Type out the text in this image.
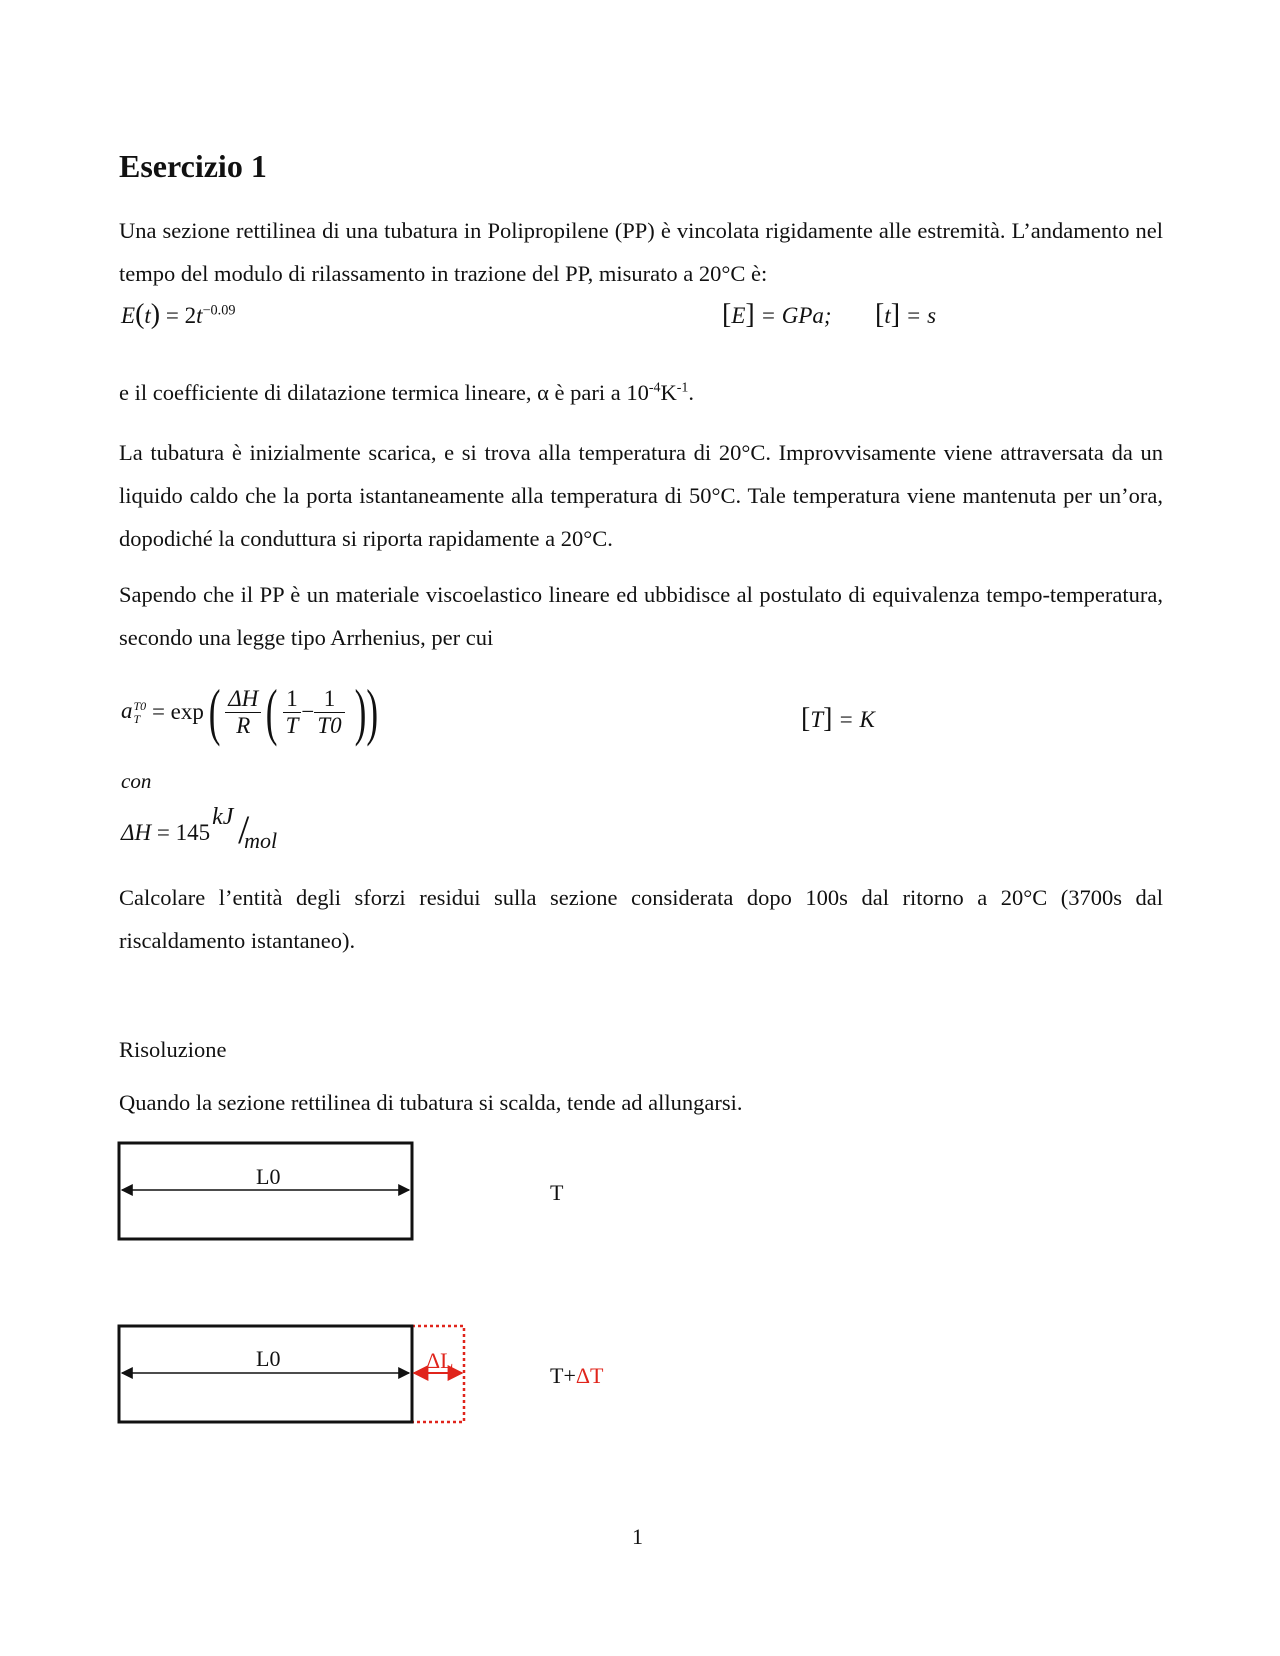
Esercizio 1
Una sezione rettilinea di una tubatura in Polipropilene (PP) è vincolata rigidamente alle estremità. L’andamento nel tempo del modulo di rilassamento in trazione del PP, misurato a 20°C è:
$E(t) = 2t^{-0.09}$	[E] = GPa; [t] = s
e il coefficiente di dilatazione termica lineare, α è pari a $10^{-4}K^{-1}$.
La tubatura è inizialmente scarica, e si trova alla temperatura di 20°C. Improvvisamente viene attraversata da un liquido caldo che la porta istantaneamente alla temperatura di 50°C. Tale temperatura viene mantenuta per un’ora, dopodiché la conduttura si riporta rapidamente a 20°C.
Sapendo che il PP è un materiale viscoelastico lineare ed ubbidisce al postulato di equivalenza tempo-temperatura, secondo una legge tipo Arrhenius, per cui
a T0
$T = \exp( \frac{\Delta H}{R}$ ( $\frac{1}{T} - \frac{1}{T0}$ ))	[T] = K
con
ΔH = 145
kJ /
mol
Calcolare l’entità degli sforzi residui sulla sezione considerata dopo 100s dal ritorno a 20°C (3700s dal riscaldamento istantaneo).
Risoluzione
Quando la sezione rettilinea di tubatura si scalda, tende ad allungarsi.
L0
T
L0	ΔL
T+ΔT
1
